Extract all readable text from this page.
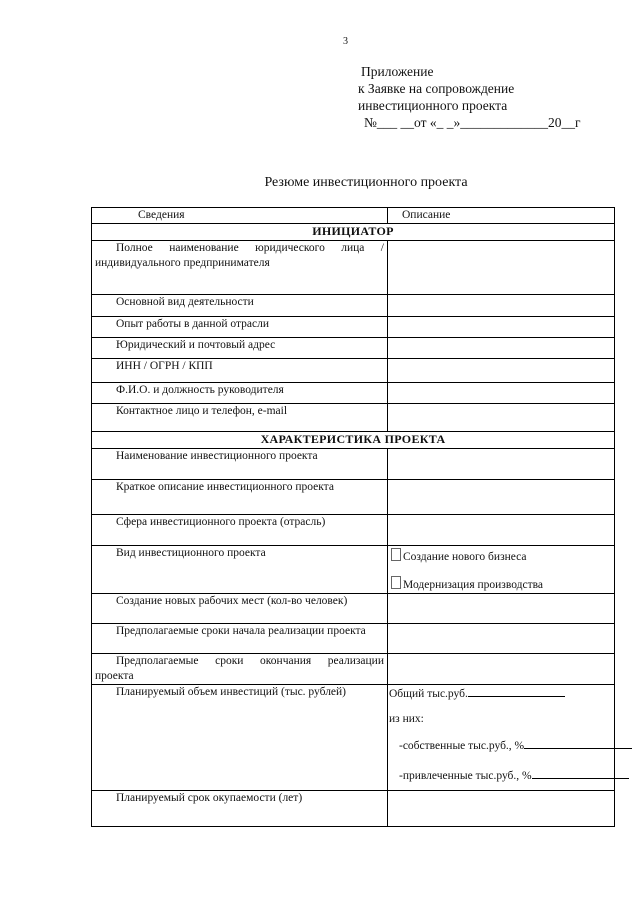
3
Приложение
к Заявке на сопровождение
инвестиционного проекта
№___ __от «_ _»_____________20__г
Резюме инвестиционного проекта
Сведения	Описание
ИНИЦИАТОР	
Полное наименование юридического лица / индивидуального предпринимателя	
Основной вид деятельности	
Опыт работы в данной отрасли	
Юридический и почтовый адрес	
ИНН / ОГРН / КПП	
Ф.И.О. и должность руководителя	
Контактное лицо и телефон, e-mail	
ХАРАКТЕРИСТИКА ПРОЕКТА	
Наименование инвестиционного проекта	
Краткое описание инвестиционного проекта	
Сфера инвестиционного проекта (отрасль)	
Вид инвестиционного проекта	Создание нового бизнеса
Модернизация производства

Создание новых рабочих мест (кол-во человек)	
Предполагаемые сроки начала реализации проекта	
Предполагаемые сроки окончания реализации проекта	
Планируемый объем инвестиций (тыс. рублей)	Общий тыс.руб.
из них:
-собственные тыс.руб., %
-привлеченные тыс.руб., %

Планируемый срок окупаемости (лет)	
